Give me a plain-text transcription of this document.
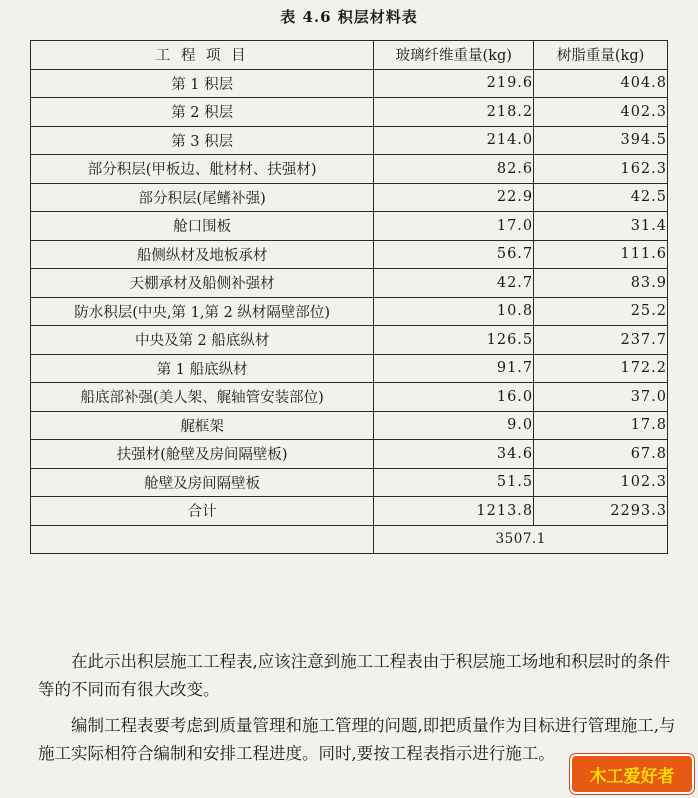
表 4.6 积层材料表
工 程 项 目	玻璃纤维重量(kg)	树脂重量(kg)
第 1 积层	219.6	404.8
第 2 积层	218.2	402.3
第 3 积层	214.0	394.5
部分积层(甲板边、舭材材、扶强材)	82.6	162.3
部分积层(尾鳍补强)	22.9	42.5
舱口围板	17.0	31.4
船侧纵材及地板承材	56.7	111.6
天棚承材及船侧补强材	42.7	83.9
防水积层(中央,第 1,第 2 纵材隔壁部位)	10.8	25.2
中央及第 2 船底纵材	126.5	237.7
第 1 船底纵材	91.7	172.2
船底部补强(美人架、艉轴管安装部位)	16.0	37.0
艉框架	9.0	17.8
扶强材(舱壁及房间隔壁板)	34.6	67.8
舱壁及房间隔壁板	51.5	102.3
合计	1213.8	2293.3
	3507.1	

在此示出积层施工工程表,应该注意到施工工程表由于积层施工场地和积层时的条件等的不同而有很大改变。

编制工程表要考虑到质量管理和施工管理的问题,即把质量作为目标进行管理施工,与施工实际相符合编制和安排工程进度。同时,要按工程表指示进行施工。

木工爱好者
